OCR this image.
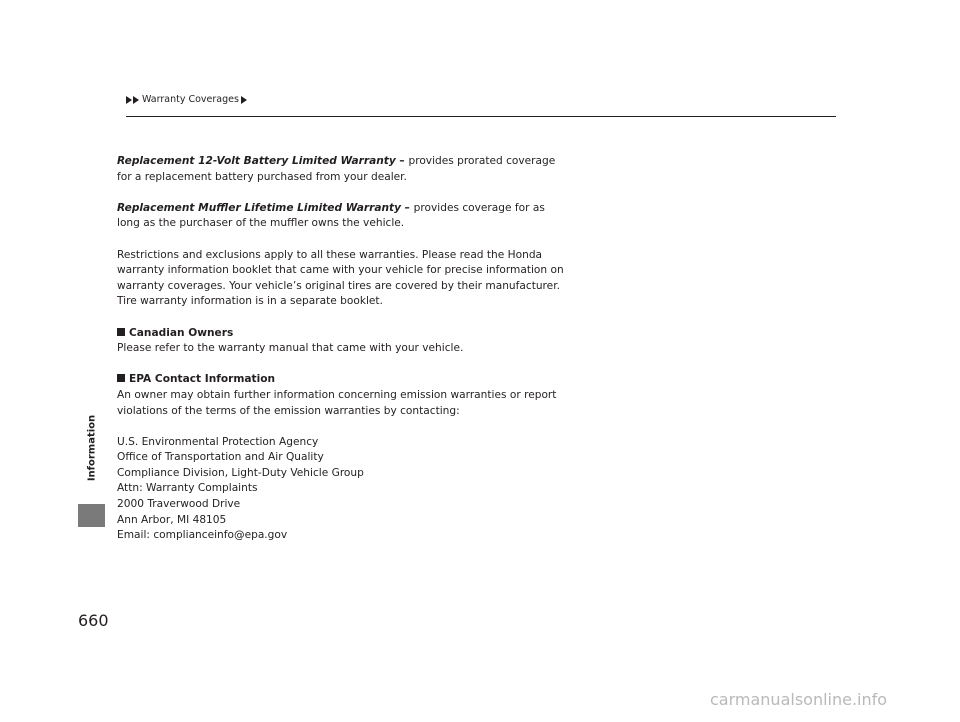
Warranty Coverages
Information
660

Replacement 12-Volt Battery Limited Warranty – provides prorated coverage
for a replacement battery purchased from your dealer.

Replacement Muffler Lifetime Limited Warranty – provides coverage for as
long as the purchaser of the muffler owns the vehicle.

Restrictions and exclusions apply to all these warranties. Please read the Honda
warranty information booklet that came with your vehicle for precise information on
warranty coverages. Your vehicle’s original tires are covered by their manufacturer.
Tire warranty information is in a separate booklet.

Canadian Owners
Please refer to the warranty manual that came with your vehicle.

EPA Contact Information
An owner may obtain further information concerning emission warranties or report
violations of the terms of the emission warranties by contacting:

U.S. Environmental Protection Agency
Office of Transportation and Air Quality
Compliance Division, Light-Duty Vehicle Group
Attn: Warranty Complaints
2000 Traverwood Drive
Ann Arbor, MI 48105
Email: complianceinfo@epa.gov

carmanualsonline.info
